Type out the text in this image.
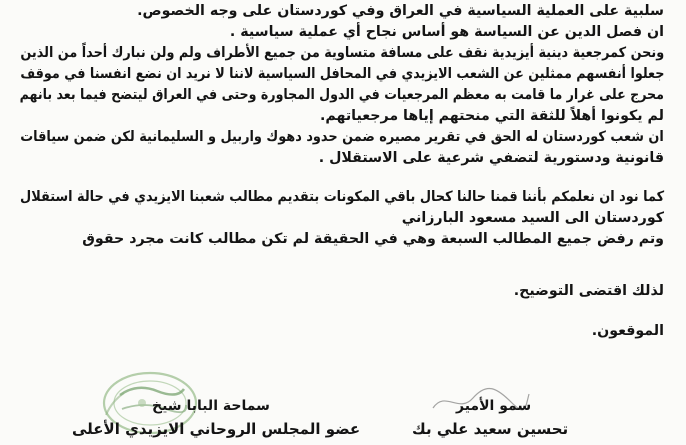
سلبية على العملية السياسية في العراق وفي كوردستان على وجه الخصوص.
ان فصل الدين عن السياسة هو أساس نجاح أي عملية سياسية .
ونحن كمرجعية دينية أيزيدية نقف على مسافة متساوية من جميع الأطراف ولم ولن نبارك أحداً من الذين
جعلوا أنفسهم ممثلين عن الشعب الايزيدي في المحافل السياسية لاننا لا نريد ان نضع انفسنا في موقف
محرج على غرار ما قامت به معظم المرجعيات في الدول المجاورة وحتى في العراق ليتضح فيما بعد بانهم
لم يكونوا أهلاً للثقة التي منحتهم إياها مرجعياتهم.
ان شعب كوردستان له الحق في تقرير مصيره ضمن حدود دهوك واربيل و السليمانية لكن ضمن سياقات
قانونية ودستورية لتضفي شرعية على الاستقلال .
كما نود ان نعلمكم بأننا قمنا حالنا كحال باقي المكونات بتقديم مطالب شعبنا الايزيدي في حالة استقلال
كوردستان الى السيد مسعود البارزاني
وتم رفض جميع المطالب السبعة وهي في الحقيقة لم تكن مطالب كانت مجرد حقوق
لذلك اقتضى التوضيح.
الموقعون.
سماحة البابا شيخ
عضو المجلس الروحاني الايزيدي الأعلى
سمو الأمير
تحسين سعيد علي بك
